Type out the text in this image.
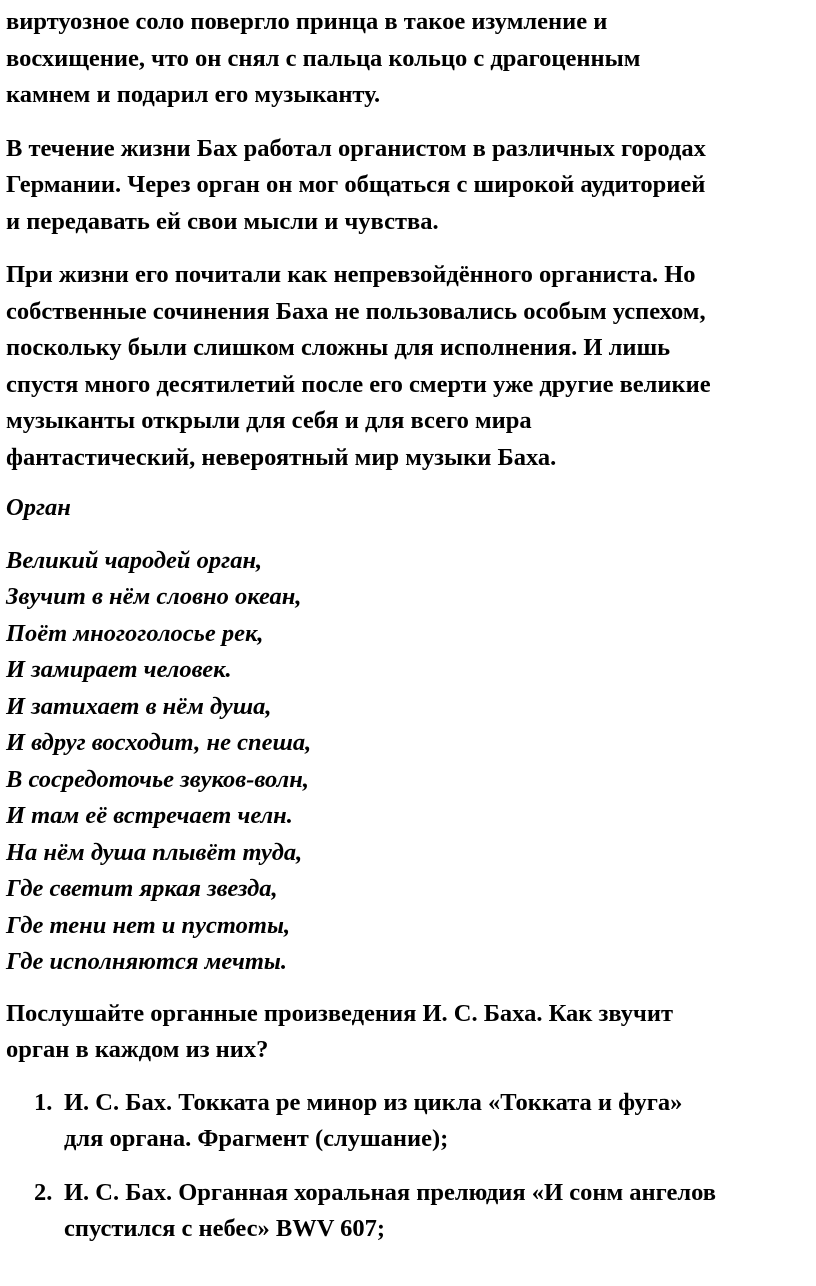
виртуозное соло повергло принца в такое изумление и
восхищение, что он снял с пальца кольцо с драгоценным
камнем и подарил его музыканту.

В течение жизни Бах работал органистом в различных городах
Германии. Через орган он мог общаться с широкой аудиторией
и передавать ей свои мысли и чувства.

При жизни его почитали как непревзойдённого органиста. Но
собственные сочинения Баха не пользовались особым успехом,
поскольку были слишком сложны для исполнения. И лишь
спустя много десятилетий после его смерти уже другие великие
музыканты открыли для себя и для всего мира
фантастический, невероятный мир музыки Баха.

Орган

Великий чародей орган,
Звучит в нём словно океан,
Поёт многоголосье рек,
И замирает человек.
И затихает в нём душа,
И вдруг восходит, не спеша,
В сосредоточье звуков-волн,
И там её встречает челн.
На нём душа плывёт туда,
Где светит яркая звезда,
Где тени нет и пустоты,
Где исполняются мечты.

Послушайте органные произведения И. С. Баха. Как звучит
орган в каждом из них?

1. И. С. Бах. Токката ре минор из цикла «Токката и фуга»
для органа. Фрагмент (слушание);
2. И. С. Бах. Органная хоральная прелюдия «И сонм ангелов
спустился с небес» BWV 607;
